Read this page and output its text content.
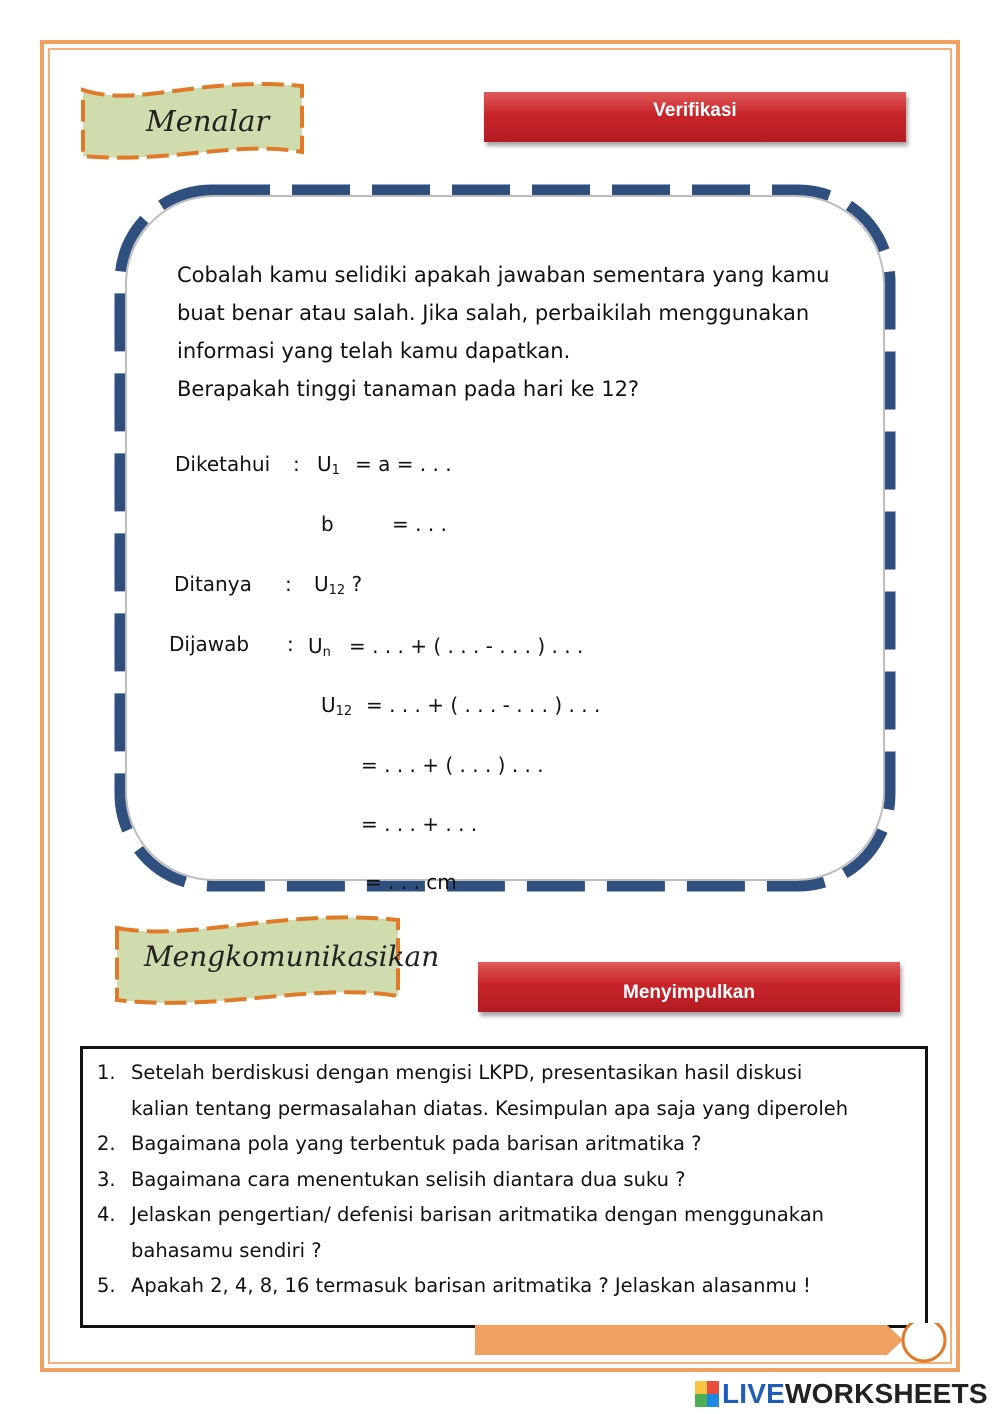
Menalar	Verifikasi
Cobalah kamu selidiki apakah jawaban sementara yang kamu
buat benar atau salah. Jika salah, perbaikilah menggunakan
informasi yang telah kamu dapatkan.
Berapakah tinggi tanaman pada hari ke 12?
Diketahui : $U_1 = a$ = . . .
b	= . . .
Ditanya : $U_{12}$ ?
Dijawab : $U_n$ = . . . + ( . . . - . . . ) . . .
$U_{12}$ = . . . + ( . . . - . . . ) . . .
= . . . + ( . . . ) . . .
= . . . + . . .
= . . . cm
Mengkomunikasikan
Menyimpulkan
1. Setelah berdiskusi dengan mengisi LKPD, presentasikan hasil diskusi
kalian tentang permasalahan diatas. Kesimpulan apa saja yang diperoleh
2. Bagaimana pola yang terbentuk pada barisan aritmatika ?
3. Bagaimana cara menentukan selisih diantara dua suku ?
4. Jelaskan pengertian/ defenisi barisan aritmatika dengan menggunakan
bahasamu sendiri ?
5. Apakah 2, 4, 8, 16 termasuk barisan aritmatika ? Jelaskan alasanmu !
LIVEWORKSHEETS
